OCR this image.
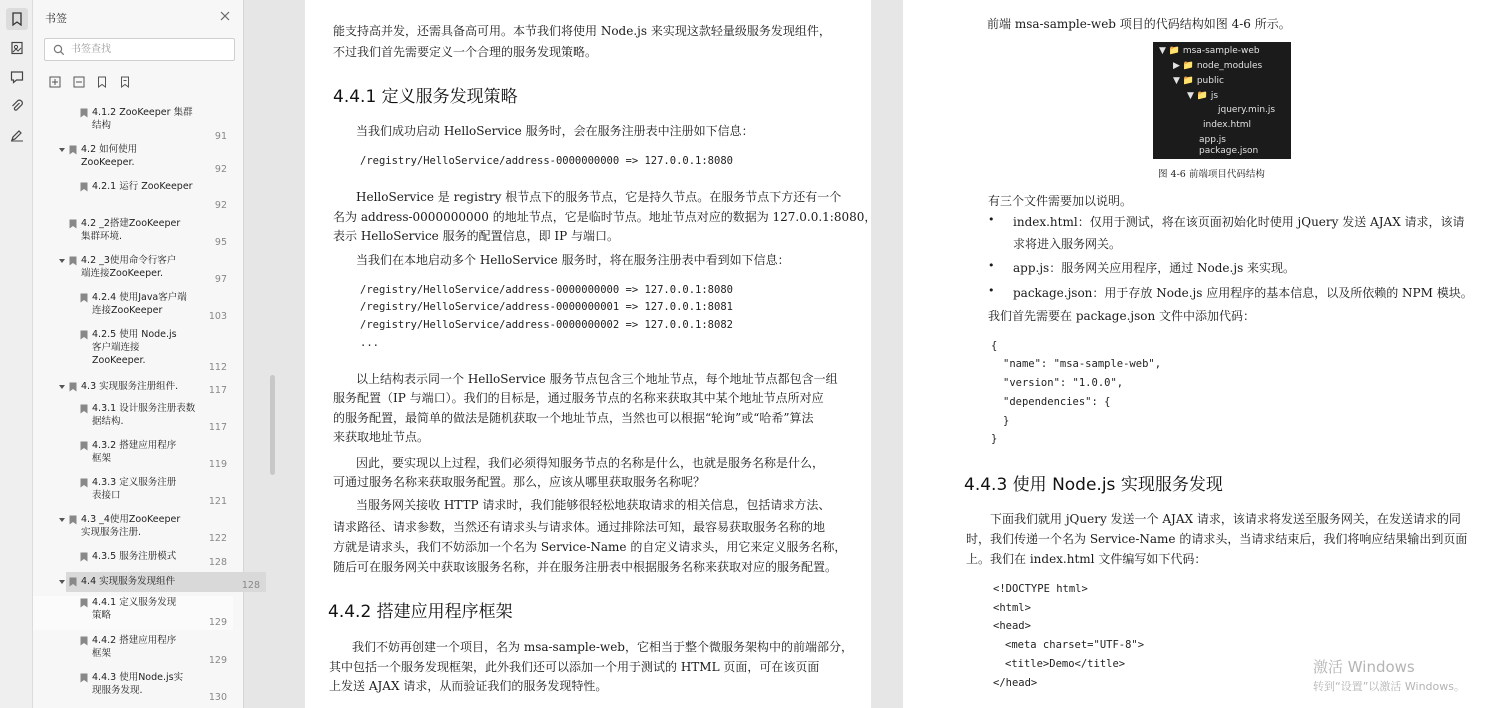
书签
书签查找
4.1.2 ZooKeeper 集群结构
91
4.2 如何使用 ZooKeeper.
92
4.2.1 运行 ZooKeeper
92
4.2 _2搭建ZooKeeper集群环境.
95
4.2 _3使用命令行客户端连接ZooKeeper.
97
4.2.4 使用Java客户端连接ZooKeeper
103
4.2.5 使用 Node.js 客户端连接 ZooKeeper.
112
4.3 实现服务注册组件.	117
4.3.1 设计服务注册表数据结构.
117
4.3.2 搭建应用程序框架
119
4.3.3 定义服务注册表接口
121
4.3 _4使用ZooKeeper实现服务注册.
122
4.3.5 服务注册模式
128
4.4 实现服务发现组件	128
4.4.1 定义服务发现策略
129
4.4.2 搭建应用程序框架
129
4.4.3 使用Node.js实现服务发现.
130
能支持高并发，还需具备高可用。本节我们将使用 Node.js 来实现这款轻量级服务发现组件，
不过我们首先需要定义一个合理的服务发现策略。
4.4.1 定义服务发现策略
当我们成功启动 HelloService 服务时，会在服务注册表中注册如下信息：
/registry/HelloService/address-0000000000 => 127.0.0.1:8080
HelloService 是 registry 根节点下的服务节点，它是持久节点。在服务节点下方还有一个
名为 address-0000000000 的地址节点，它是临时节点。地址节点对应的数据为 127.0.0.1:8080，
表示 HelloService 服务的配置信息，即 IP 与端口。
当我们在本地启动多个 HelloService 服务时，将在服务注册表中看到如下信息：
/registry/HelloService/address-0000000000 => 127.0.0.1:8080
/registry/HelloService/address-0000000001 => 127.0.0.1:8081
/registry/HelloService/address-0000000002 => 127.0.0.1:8082
...
以上结构表示同一个 HelloService 服务节点包含三个地址节点，每个地址节点都包含一组
服务配置（IP 与端口）。我们的目标是，通过服务节点的名称来获取其中某个地址节点所对应
的服务配置，最简单的做法是随机获取一个地址节点，当然也可以根据“轮询”或“哈希”算法
来获取地址节点。
因此，要实现以上过程，我们必须得知服务节点的名称是什么，也就是服务名称是什么，
可通过服务名称来获取服务配置。那么，应该从哪里获取服务名称呢？
当服务网关接收 HTTP 请求时，我们能够很轻松地获取请求的相关信息，包括请求方法、
请求路径、请求参数，当然还有请求头与请求体。通过排除法可知，最容易获取服务名称的地
方就是请求头，我们不妨添加一个名为 Service-Name 的自定义请求头，用它来定义服务名称，
随后可在服务网关中获取该服务名称，并在服务注册表中根据服务名称来获取对应的服务配置。
4.4.2 搭建应用程序框架
我们不妨再创建一个项目，名为 msa-sample-web，它相当于整个微服务架构中的前端部分，
其中包括一个服务发现框架，此外我们还可以添加一个用于测试的 HTML 页面，可在该页面
上发送 AJAX 请求，从而验证我们的服务发现特性。
前端 msa-sample-web 项目的代码结构如图 4-6 所示。
▼ 📁 msa-sample-web
▶ 📁 node_modules
▼ 📁 public
▼ 📁 js
jquery.min.js
index.html
app.js
package.json
图 4-6 前端项目代码结构
有三个文件需要加以说明。
• index.html：仅用于测试，将在该页面初始化时使用 jQuery 发送 AJAX 请求，该请
求将进入服务网关。
• app.js：服务网关应用程序，通过 Node.js 来实现。
• package.json：用于存放 Node.js 应用程序的基本信息，以及所依赖的 NPM 模块。
我们首先需要在 package.json 文件中添加代码：
{
"name": "msa-sample-web",
"version": "1.0.0",
"dependencies": {
}
}
4.4.3 使用 Node.js 实现服务发现
下面我们就用 jQuery 发送一个 AJAX 请求，该请求将发送至服务网关，在发送请求的同
时，我们传递一个名为 Service-Name 的请求头，当请求结束后，我们将响应结果输出到页面
上。我们在 index.html 文件编写如下代码：
<!DOCTYPE html>
<html>
<head>
<meta charset="UTF-8">
<title>Demo</title>
</head>
激活 Windows
转到“设置”以激活 Windows。
